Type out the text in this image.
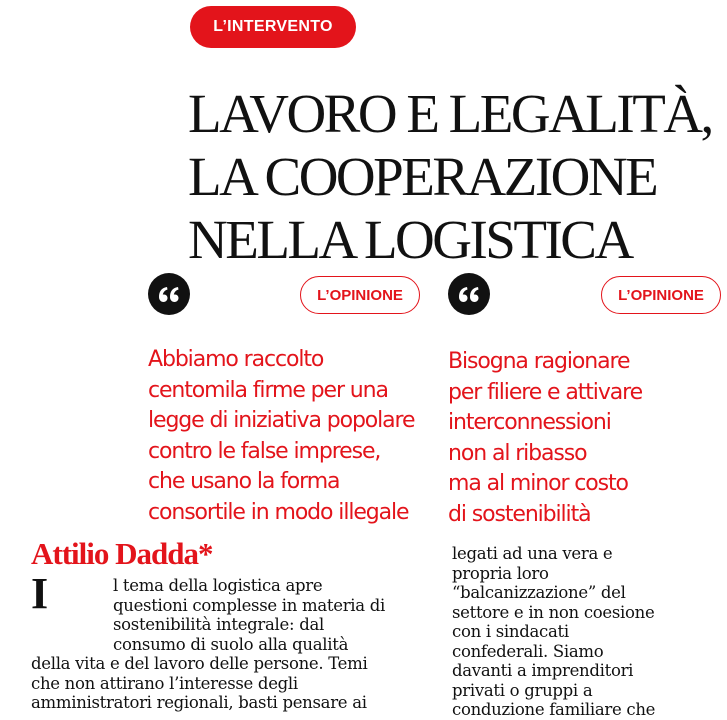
L’INTERVENTO
LAVORO E LEGALITÀ,
LA COOPERAZIONE
NELLA LOGISTICA
L’OPINIONE

Abbiamo raccolto
centomila firme per una
legge di iniziativa popolare
contro le false imprese,
che usano la forma
consortile in modo illegale

L’OPINIONE

Bisogna ragionare
per filiere e attivare
interconnessioni
non al ribasso
ma al minor costo
di sostenibilità

Attilio Dadda*
I	l tema della logistica apre
questioni complesse in materia di
sostenibilità integrale: dal
consumo di suolo alla qualità
della vita e del lavoro delle persone. Temi
che non attirano l’interesse degli
amministratori regionali, basti pensare ai
legati ad una vera e
propria loro
“balcanizzazione” del
settore e in non coesione
con i sindacati
confederali. Siamo
davanti a imprenditori
privati o gruppi a
conduzione familiare che
